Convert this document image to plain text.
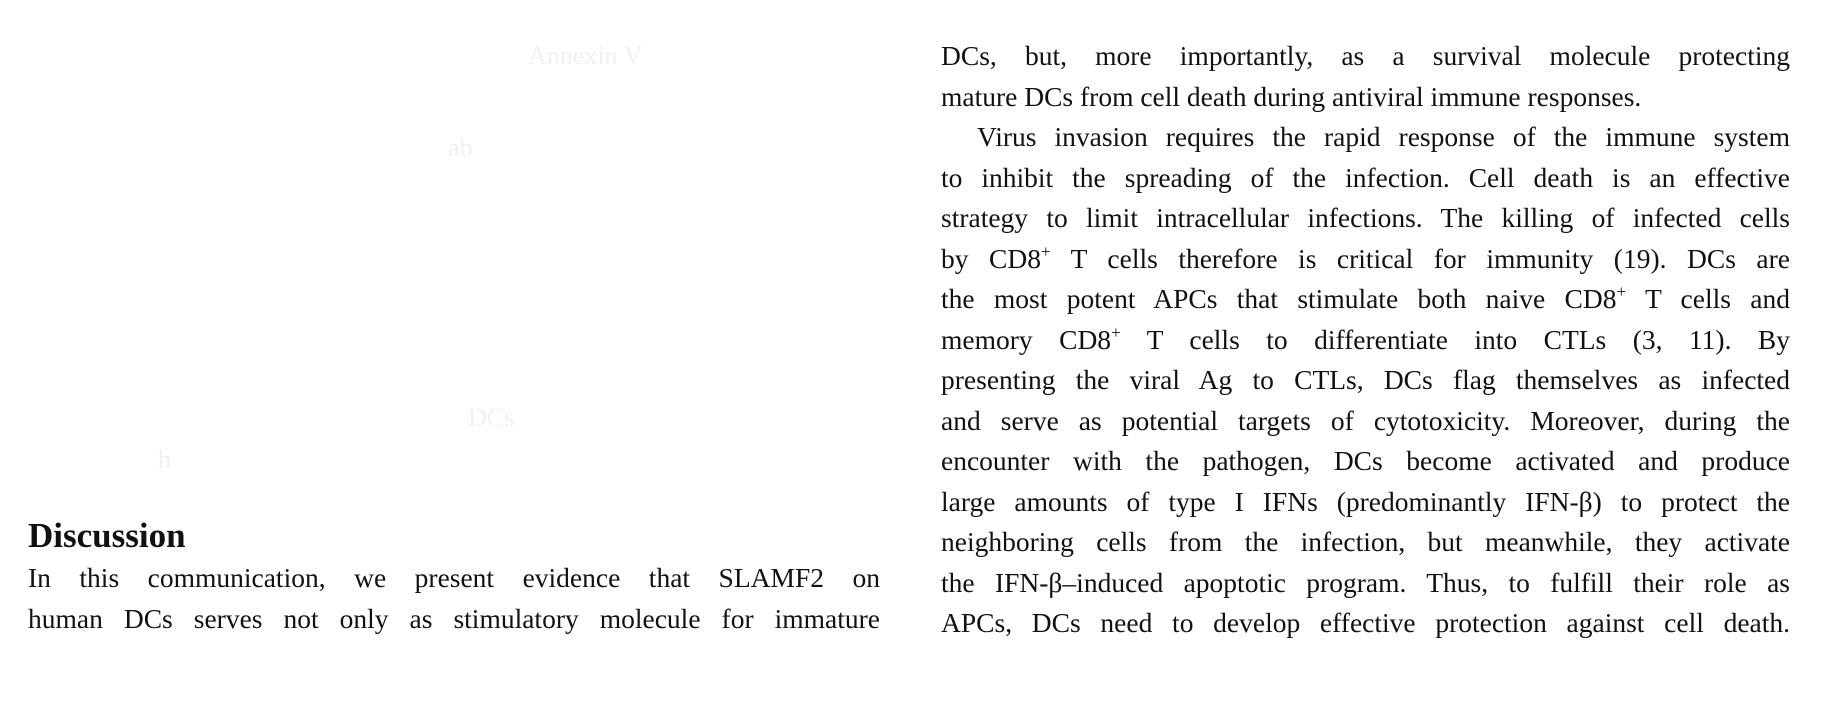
Annexin V
ab
DCs
h
Discussion
In this communication, we present evidence that SLAMF2 on
human DCs serves not only as stimulatory molecule for immature
DCs, but, more importantly, as a survival molecule protecting
mature DCs from cell death during antiviral immune responses.
Virus invasion requires the rapid response of the immune system
to inhibit the spreading of the infection. Cell death is an effective
strategy to limit intracellular infections. The killing of infected cells
by CD8+ T cells therefore is critical for immunity (19). DCs are
the most potent APCs that stimulate both naive CD8+ T cells and
memory CD8+ T cells to differentiate into CTLs (3, 11). By
presenting the viral Ag to CTLs, DCs flag themselves as infected
and serve as potential targets of cytotoxicity. Moreover, during the
encounter with the pathogen, DCs become activated and produce
large amounts of type I IFNs (predominantly IFN-β) to protect the
neighboring cells from the infection, but meanwhile, they activate
the IFN-β–induced apoptotic program. Thus, to fulfill their role as
APCs, DCs need to develop effective protection against cell death.
